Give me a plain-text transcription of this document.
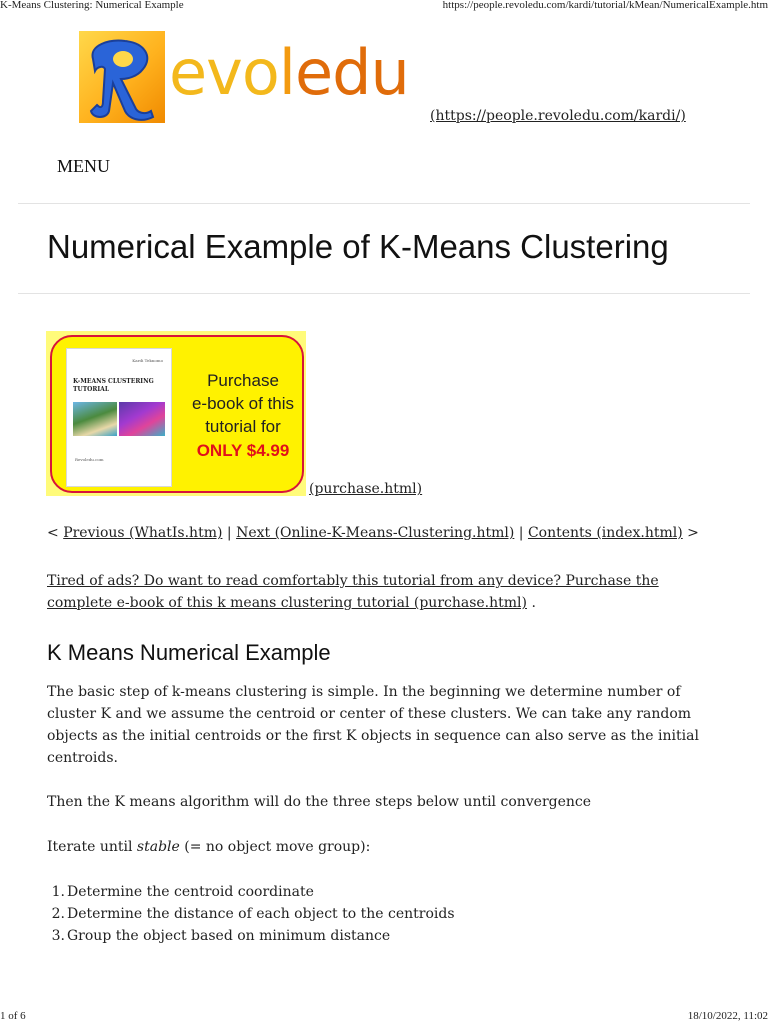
K-Means Clustering: Numerical Example	https://people.revoledu.com/kardi/tutorial/kMean/NumericalExample.htm
evoledu
(https://people.revoledu.com/kardi/)
MENU
Numerical Example of K-Means Clustering
Kardi Teknomo
K-MEANS CLUSTERING TUTORIAL
Revoledu.com
Purchase
e-book of this
tutorial for
ONLY $4.99
(purchase.html)
< Previous (WhatIs.htm) | Next (Online-K-Means-Clustering.html) | Contents (index.html) >
Tired of ads? Do want to read comfortably this tutorial from any device? Purchase the complete e-book of this k means clustering tutorial (purchase.html) .
K Means Numerical Example

The basic step of k-means clustering is simple. In the beginning we determine number of cluster K and we assume the centroid or center of these clusters. We can take any random objects as the initial centroids or the first K objects in sequence can also serve as the initial centroids.

Then the K means algorithm will do the three steps below until convergence

Iterate until stable (= no object move group):

1. Determine the centroid coordinate
2. Determine the distance of each object to the centroids
3. Group the object based on minimum distance
1 of 6	18/10/2022, 11:02
